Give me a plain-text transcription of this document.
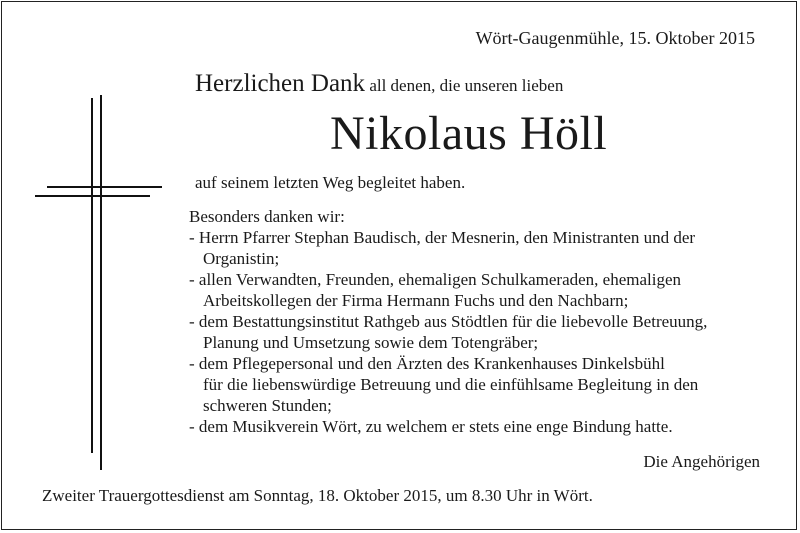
Wört-Gaugenmühle, 15. Oktober 2015

Herzlichen Dank all denen, die unseren lieben

Nikolaus Höll

auf seinem letzten Weg begleitet haben.

Besonders danken wir:

- Herrn Pfarrer Stephan Baudisch, der Mesnerin, den Ministranten und der
Organistin;
- allen Verwandten, Freunden, ehemaligen Schulkameraden, ehemaligen
Arbeitskollegen der Firma Hermann Fuchs und den Nachbarn;
- dem Bestattungsinstitut Rathgeb aus Stödtlen für die liebevolle Betreuung,
Planung und Umsetzung sowie dem Totengräber;
- dem Pflegepersonal und den Ärzten des Krankenhauses Dinkelsbühl
für die liebenswürdige Betreuung und die einfühlsame Begleitung in den
schweren Stunden;
- dem Musikverein Wört, zu welchem er stets eine enge Bindung hatte.

Die Angehörigen

Zweiter Trauergottesdienst am Sonntag, 18. Oktober 2015, um 8.30 Uhr in Wört.
